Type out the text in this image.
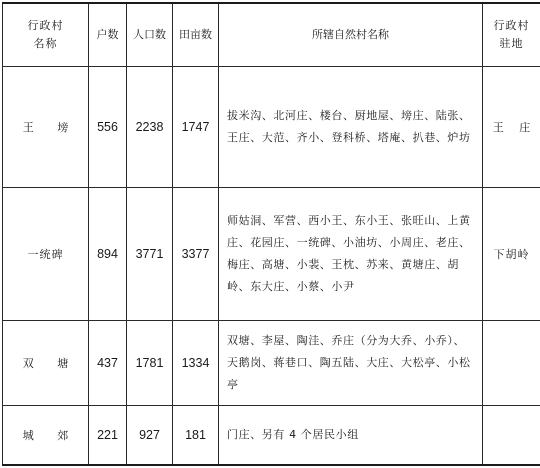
行政村名称	户数	人口数	田亩数	所辖自然村名称	行政村驻地

王 塝	556	2238	1747	拔米沟、北河庄、楼台、厨地屋、塝庄、陆张、王庄、大范、齐小、登科桥、塔庵、扒巷、炉坊	王 庄
一统碑	894	3771	3377	师姑洞、军营、西小王、东小王、张旺山、上黄庄、花园庄、一统碑、小油坊、小周庄、老庄、梅庄、高塘、小裴、王枕、苏来、黄塘庄、胡岭、东大庄、小蔡、小尹	下胡岭
双 塘	437	1781	1334	双塘、李屋、陶洼、乔庄（分为大乔、小乔）、天鹅岗、蒋巷口、陶五陆、大庄、大松亭、小松亭	
城 郊	221	927	181	门庄、另有 4 个居民小组	
